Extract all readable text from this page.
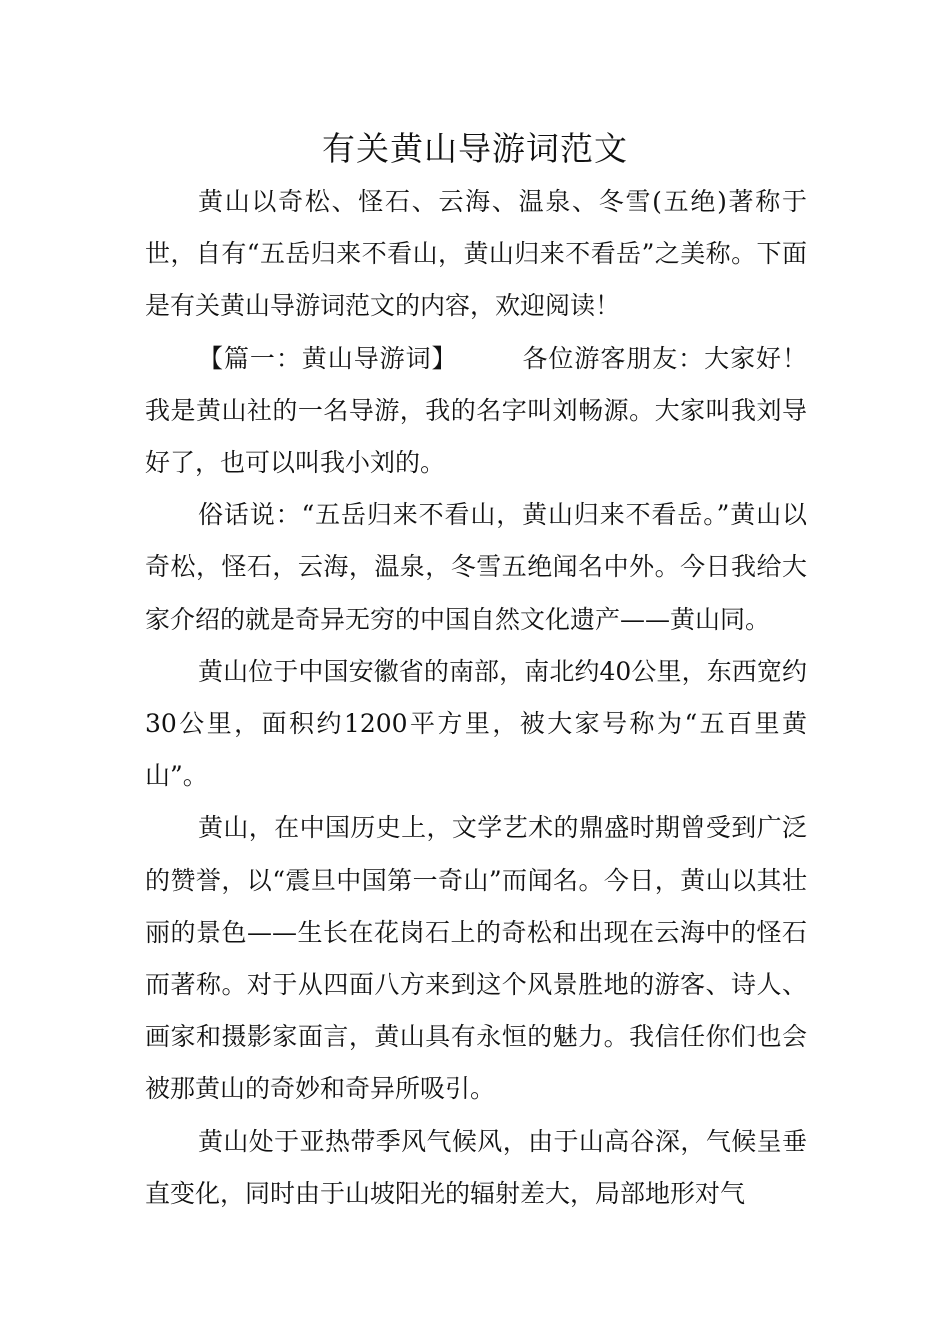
有关黄山导游词范文

黄山以奇松、怪石、云海、温泉、冬雪(五绝)著称于世，自有“五岳归来不看山，黄山归来不看岳”之美称。下面是有关黄山导游词范文的内容，欢迎阅读！

【篇一：黄山导游词】	各位游客朋友：大家好！我是黄山社的一名导游，我的名字叫刘畅源。大家叫我刘导好了，也可以叫我小刘的。

俗话说：“五岳归来不看山，黄山归来不看岳。”黄山以奇松，怪石，云海，温泉，冬雪五绝闻名中外。今日我给大家介绍的就是奇异无穷的中国自然文化遗产——黄山同。

黄山位于中国安徽省的南部，南北约40公里，东西宽约30公里，面积约1200平方里，被大家号称为“五百里黄山”。

黄山，在中国历史上，文学艺术的鼎盛时期曾受到广泛的赞誉，以“震旦中国第一奇山”而闻名。今日，黄山以其壮丽的景色——生长在花岗石上的奇松和出现在云海中的怪石而著称。对于从四面八方来到这个风景胜地的游客、诗人、画家和摄影家面言，黄山具有永恒的魅力。我信任你们也会被那黄山的奇妙和奇异所吸引。

黄山处于亚热带季风气候风，由于山高谷深，气候呈垂直变化，同时由于山坡阳光的辐射差大，局部地形对气
